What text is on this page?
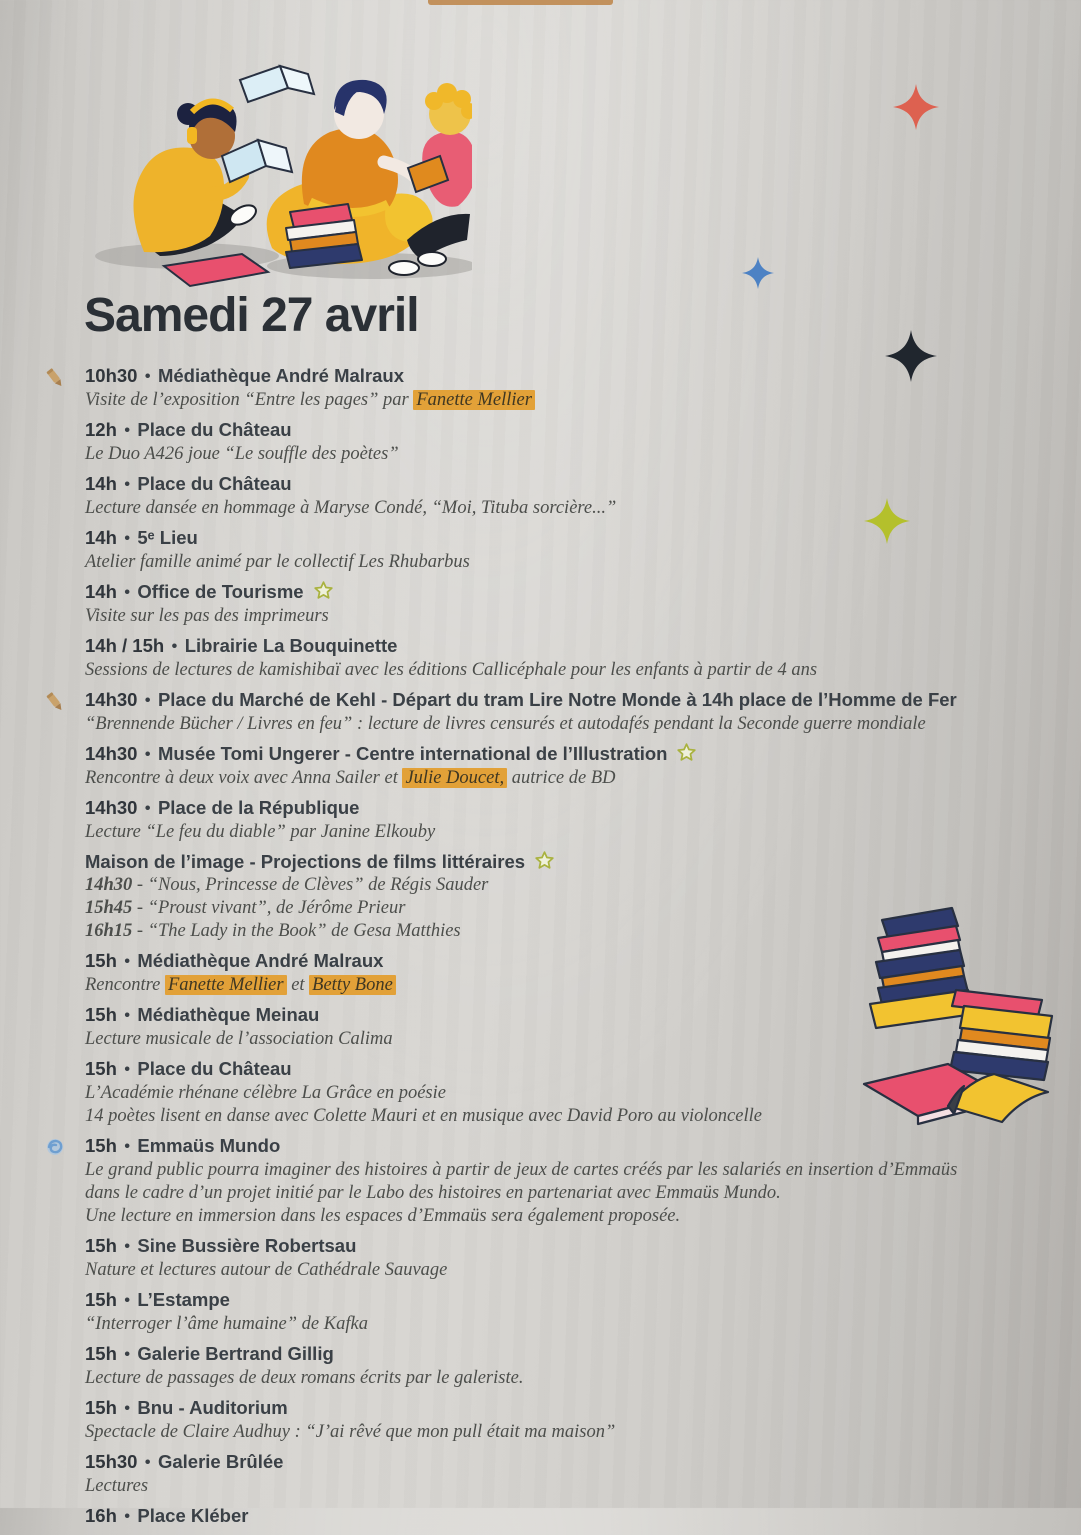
Samedi 27 avril
10h30 • Médiathèque André Malraux
Visite de l’exposition “Entre les pages” par Fanette Mellier
12h • Place du Château
Le Duo A426 joue “Le souffle des poètes”
14h • Place du Château
Lecture dansée en hommage à Maryse Condé, “Moi, Tituba sorcière...”
14h • 5ᵉ Lieu
Atelier famille animé par le collectif Les Rhubarbus
14h • Office de Tourisme
Visite sur les pas des imprimeurs
14h / 15h • Librairie La Bouquinette
Sessions de lectures de kamishibaï avec les éditions Callicéphale pour les enfants à partir de 4 ans
14h30 • Place du Marché de Kehl - Départ du tram Lire Notre Monde à 14h place de l’Homme de Fer
“Brennende Bücher / Livres en feu” : lecture de livres censurés et autodafés pendant la Seconde guerre mondiale
14h30 • Musée Tomi Ungerer - Centre international de l’Illustration
Rencontre à deux voix avec Anna Sailer et Julie Doucet, autrice de BD
14h30 • Place de la République
Lecture “Le feu du diable” par Janine Elkouby
Maison de l’image - Projections de films littéraires
14h30 - “Nous, Princesse de Clèves” de Régis Sauder
15h45 - “Proust vivant”, de Jérôme Prieur
16h15 - “The Lady in the Book” de Gesa Matthies
15h • Médiathèque André Malraux
Rencontre Fanette Mellier et Betty Bone
15h • Médiathèque Meinau
Lecture musicale de l’association Calima
15h • Place du Château
L’Académie rhénane célèbre La Grâce en poésie
14 poètes lisent en danse avec Colette Mauri et en musique avec David Poro au violoncelle
15h • Emmaüs Mundo
Le grand public pourra imaginer des histoires à partir de jeux de cartes créés par les salariés en insertion d’Emmaüs
dans le cadre d’un projet initié par le Labo des histoires en partenariat avec Emmaüs Mundo.
Une lecture en immersion dans les espaces d’Emmaüs sera également proposée.
15h • Sine Bussière Robertsau
Nature et lectures autour de Cathédrale Sauvage
15h • L’Estampe
“Interroger l’âme humaine” de Kafka
15h • Galerie Bertrand Gillig
Lecture de passages de deux romans écrits par le galeriste.
15h • Bnu - Auditorium
Spectacle de Claire Audhuy : “J’ai rêvé que mon pull était ma maison”
15h30 • Galerie Brûlée
Lectures
16h • Place Kléber
